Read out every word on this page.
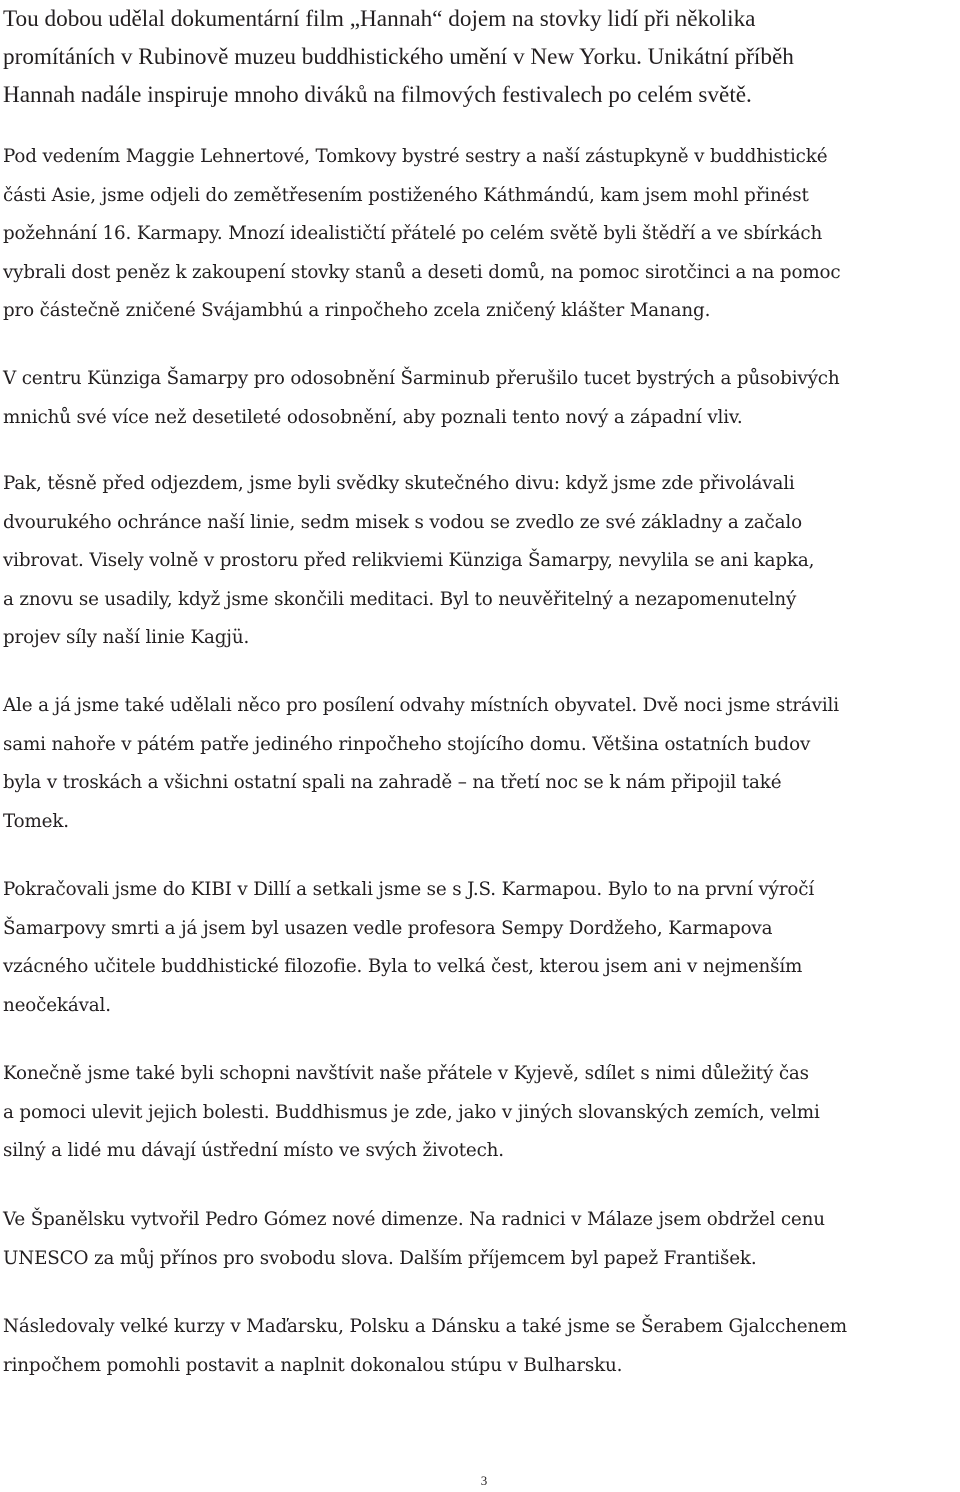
Tou dobou udělal dokumentární film „Hannah“ dojem na stovky lidí při několika
promítáních v Rubinově muzeu buddhistického umění v New Yorku. Unikátní příběh
Hannah nadále inspiruje mnoho diváků na filmových festivalech po celém světě.
Pod vedením Maggie Lehnertové, Tomkovy bystré sestry a naší zástupkyně v buddhistické
části Asie, jsme odjeli do zemětřesením postiženého Káthmándú, kam jsem mohl přinést
požehnání 16. Karmapy. Mnozí idealističtí přátelé po celém světě byli štědří a ve sbírkách
vybrali dost peněz k zakoupení stovky stanů a deseti domů, na pomoc sirotčinci a na pomoc
pro částečně zničené Svájambhú a rinpočheho zcela zničený klášter Manang.
V centru Künziga Šamarpy pro odosobnění Šarminub přerušilo tucet bystrých a působivých
mnichů své více než desetileté odosobnění, aby poznali tento nový a západní vliv.
Pak, těsně před odjezdem, jsme byli svědky skutečného divu: když jsme zde přivolávali
dvourukého ochránce naší linie, sedm misek s vodou se zvedlo ze své základny a začalo
vibrovat. Visely volně v prostoru před relikviemi Künziga Šamarpy, nevylila se ani kapka,
a znovu se usadily, když jsme skončili meditaci. Byl to neuvěřitelný a nezapomenutelný
projev síly naší linie Kagjü.
Ale a já jsme také udělali něco pro posílení odvahy místních obyvatel. Dvě noci jsme strávili
sami nahoře v pátém patře jediného rinpočheho stojícího domu. Většina ostatních budov
byla v troskách a všichni ostatní spali na zahradě – na třetí noc se k nám připojil také
Tomek.
Pokračovali jsme do KIBI v Dillí a setkali jsme se s J.S. Karmapou. Bylo to na první výročí
Šamarpovy smrti a já jsem byl usazen vedle profesora Sempy Dordžeho, Karmapova
vzácného učitele buddhistické filozofie. Byla to velká čest, kterou jsem ani v nejmenším
neočekával.
Konečně jsme také byli schopni navštívit naše přátele v Kyjevě, sdílet s nimi důležitý čas
a pomoci ulevit jejich bolesti. Buddhismus je zde, jako v jiných slovanských zemích, velmi
silný a lidé mu dávají ústřední místo ve svých životech.
Ve Španělsku vytvořil Pedro Gómez nové dimenze. Na radnici v Málaze jsem obdržel cenu
UNESCO za můj přínos pro svobodu slova. Dalším příjemcem byl papež František.
Následovaly velké kurzy v Maďarsku, Polsku a Dánsku a také jsme se Šerabem Gjalcchenem
rinpočhem pomohli postavit a naplnit dokonalou stúpu v Bulharsku.
3
